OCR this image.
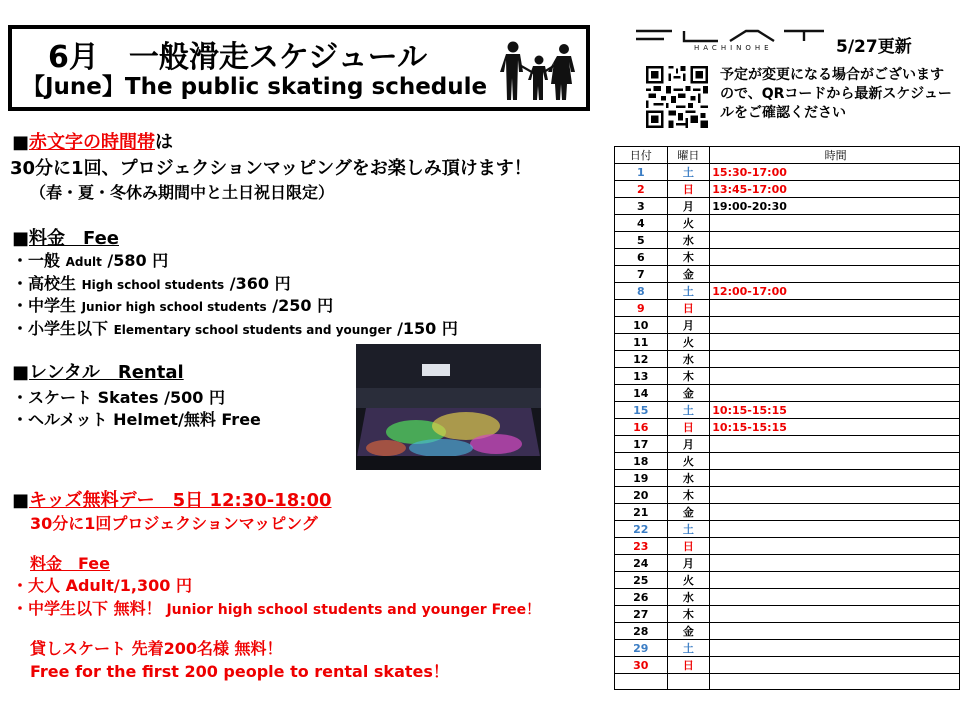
6月　一般滑走スケジュール
【June】The public skating schedule
HACHINOHE	5/27更新
予定が変更になる場合がございますので、QRコードから最新スケジュールをご確認ください
■赤文字の時間帯は
30分に1回、プロジェクションマッピングをお楽しみ頂けます！
（春・夏・冬休み期間中と土日祝日限定）
■料金　Fee
・一般 Adult /580 円
・高校生 High school students /360 円
・中学生 Junior high school students /250 円
・小学生以下 Elementary school students and younger /150 円
■レンタル　Rental
・スケート Skates /500 円
・ヘルメット Helmet/無料 Free
■キッズ無料デー　5日 12:30-18:00
30分に1回プロジェクションマッピング
料金　Fee
・大人 Adult/1,300 円
・中学生以下 無料！ Junior high school students and younger Free！
貸しスケート 先着200名様 無料！
Free for the first 200 people to rental skates！
日付	曜日	時間
1	土	15:30-17:00
2	日	13:45-17:00
3	月	19:00-20:30
4	火	
5	水	
6	木	
7	金	
8	土	12:00-17:00
9	日	
10	月	
11	火	
12	水	
13	木	
14	金	
15	土	10:15-15:15
16	日	10:15-15:15
17	月	
18	火	
19	水	
20	木	
21	金	
22	土	
23	日	
24	月	
25	火	
26	水	
27	木	
28	金	
29	土	
30	日	
